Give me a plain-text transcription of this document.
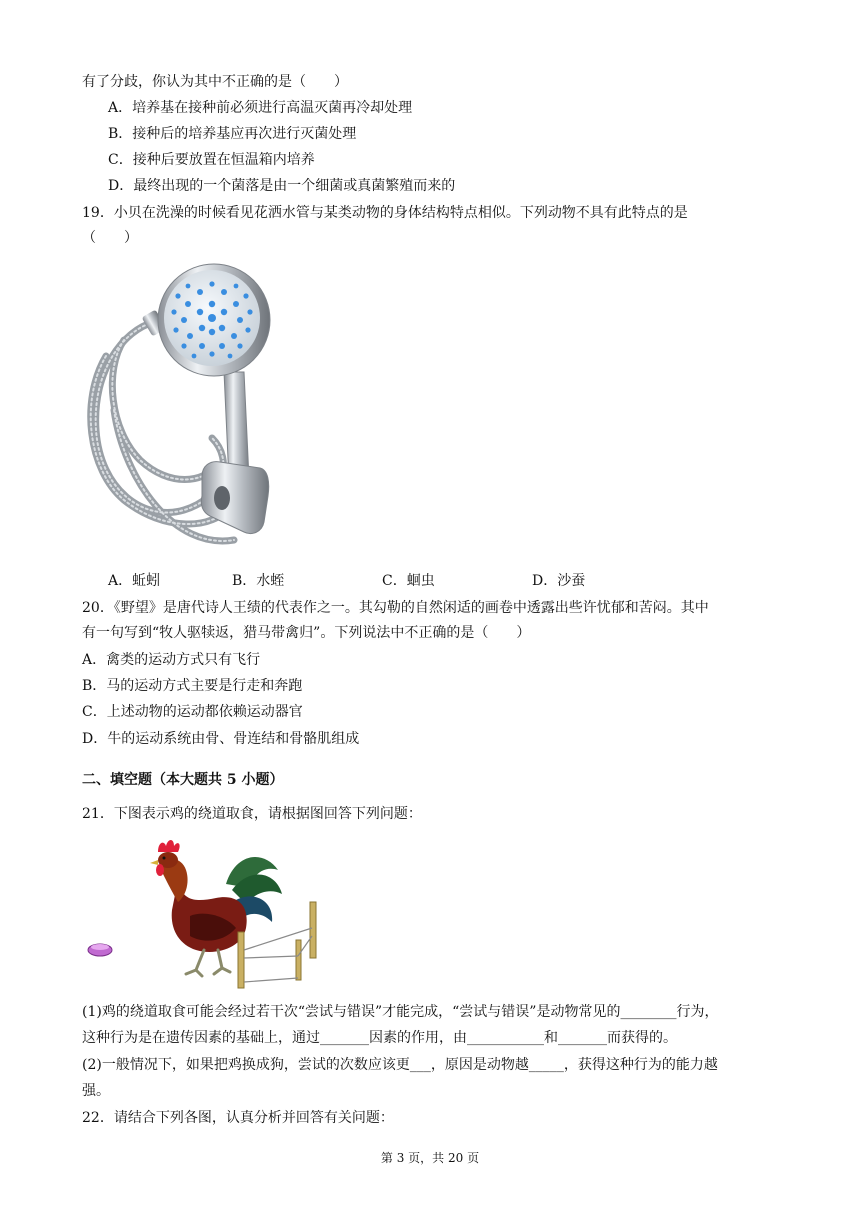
有了分歧，你认为其中不正确的是（　　）
A．培养基在接种前必须进行高温灭菌再冷却处理
B．接种后的培养基应再次进行灭菌处理
C．接种后要放置在恒温箱内培养
D．最终出现的一个菌落是由一个细菌或真菌繁殖而来的
19．小贝在洗澡的时候看见花洒水管与某类动物的身体结构特点相似。下列动物不具有此特点的是
（　　）
A．蚯蚓	B．水蛭	C．蛔虫	D．沙蚕
20．《野望》是唐代诗人王绩的代表作之一。其勾勒的自然闲适的画卷中透露出些许忧郁和苦闷。其中
有一句写到“牧人驱犊返，猎马带禽归”。下列说法中不正确的是（　　）
A．禽类的运动方式只有飞行
B．马的运动方式主要是行走和奔跑
C．上述动物的运动都依赖运动器官
D．牛的运动系统由骨、骨连结和骨骼肌组成
二、填空题（本大题共 5 小题）
21．下图表示鸡的绕道取食，请根据图回答下列问题：
(1)鸡的绕道取食可能会经过若干次“尝试与错误”才能完成，“尝试与错误”是动物常见的________行为，
这种行为是在遗传因素的基础上，通过_______因素的作用，由___________和_______而获得的。
(2)一般情况下，如果把鸡换成狗，尝试的次数应该更___，原因是动物越_____，获得这种行为的能力越
强。
22．请结合下列各图，认真分析并回答有关问题：
第 3 页，共 20 页
